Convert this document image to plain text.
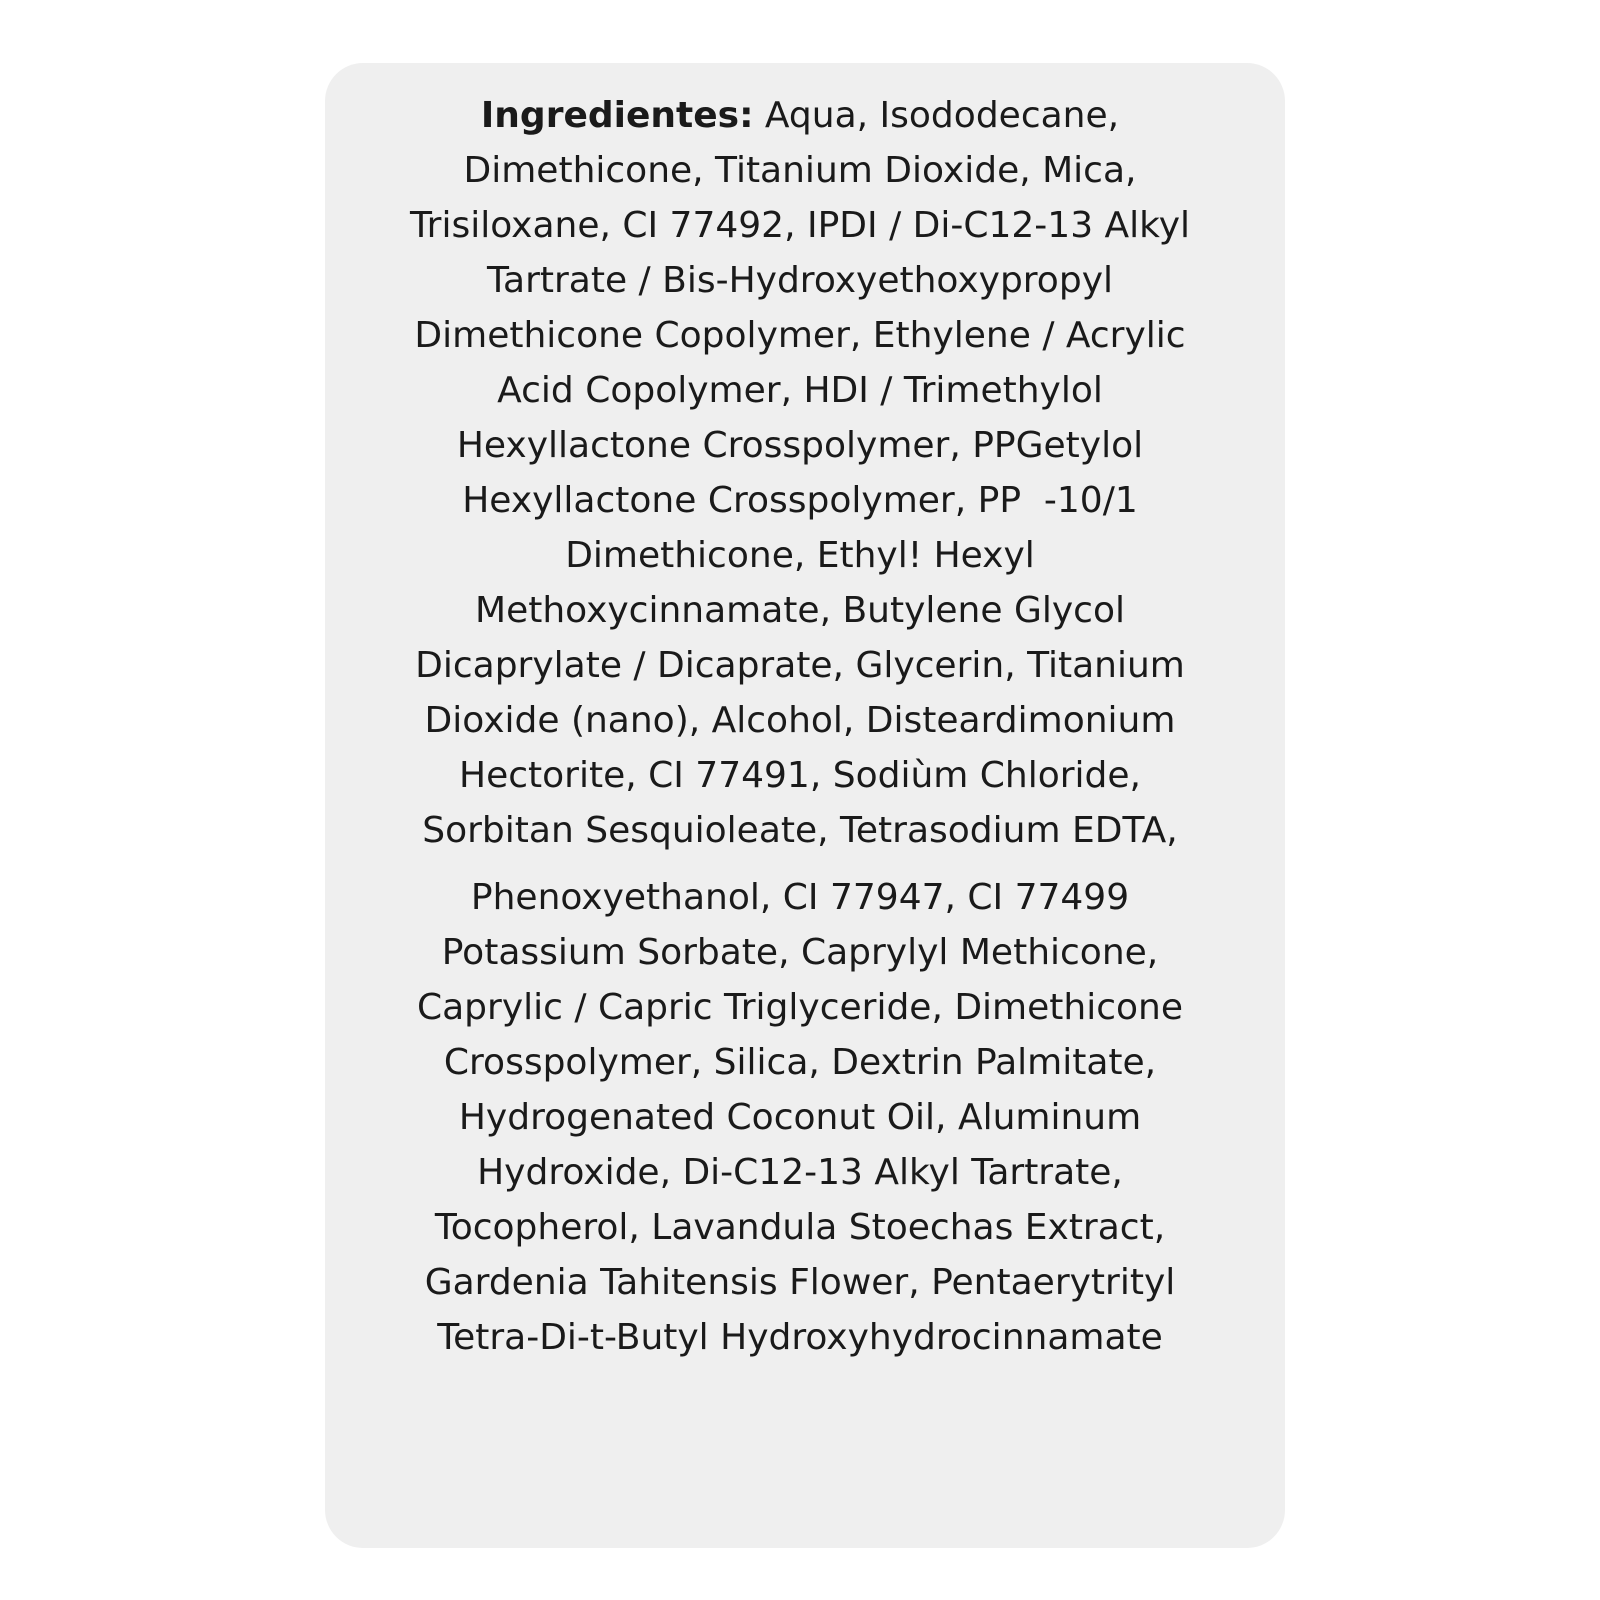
Ingredientes: Aqua, Isododecane,
Dimethicone, Titanium Dioxide, Mica,
Trisiloxane, CI 77492, IPDI / Di-C12-13 Alkyl
Tartrate / Bis-Hydroxyethoxypropyl
Dimethicone Copolymer, Ethylene / Acrylic
Acid Copolymer, HDI / Trimethylol
Hexyllactone Crosspolymer, PPGetylol
Hexyllactone Crosspolymer, PP  -10/1
Dimethicone, Ethyl! Hexyl
Methoxycinnamate, Butylene Glycol
Dicaprylate / Dicaprate, Glycerin, Titanium
Dioxide (nano), Alcohol, Disteardimonium
Hectorite, CI 77491, Sodiùm Chloride,
Sorbitan Sesquioleate, Tetrasodium EDTA,
Phenoxyethanol, CI 77947, CI 77499
Potassium Sorbate, Caprylyl Methicone,
Caprylic / Capric Triglyceride, Dimethicone
Crosspolymer, Silica, Dextrin Palmitate,
Hydrogenated Coconut Oil, Aluminum
Hydroxide, Di-C12-13 Alkyl Tartrate,
Tocopherol, Lavandula Stoechas Extract,
Gardenia Tahitensis Flower, Pentaerytrityl
Tetra-Di-t-Butyl Hydroxyhydrocinnamate
